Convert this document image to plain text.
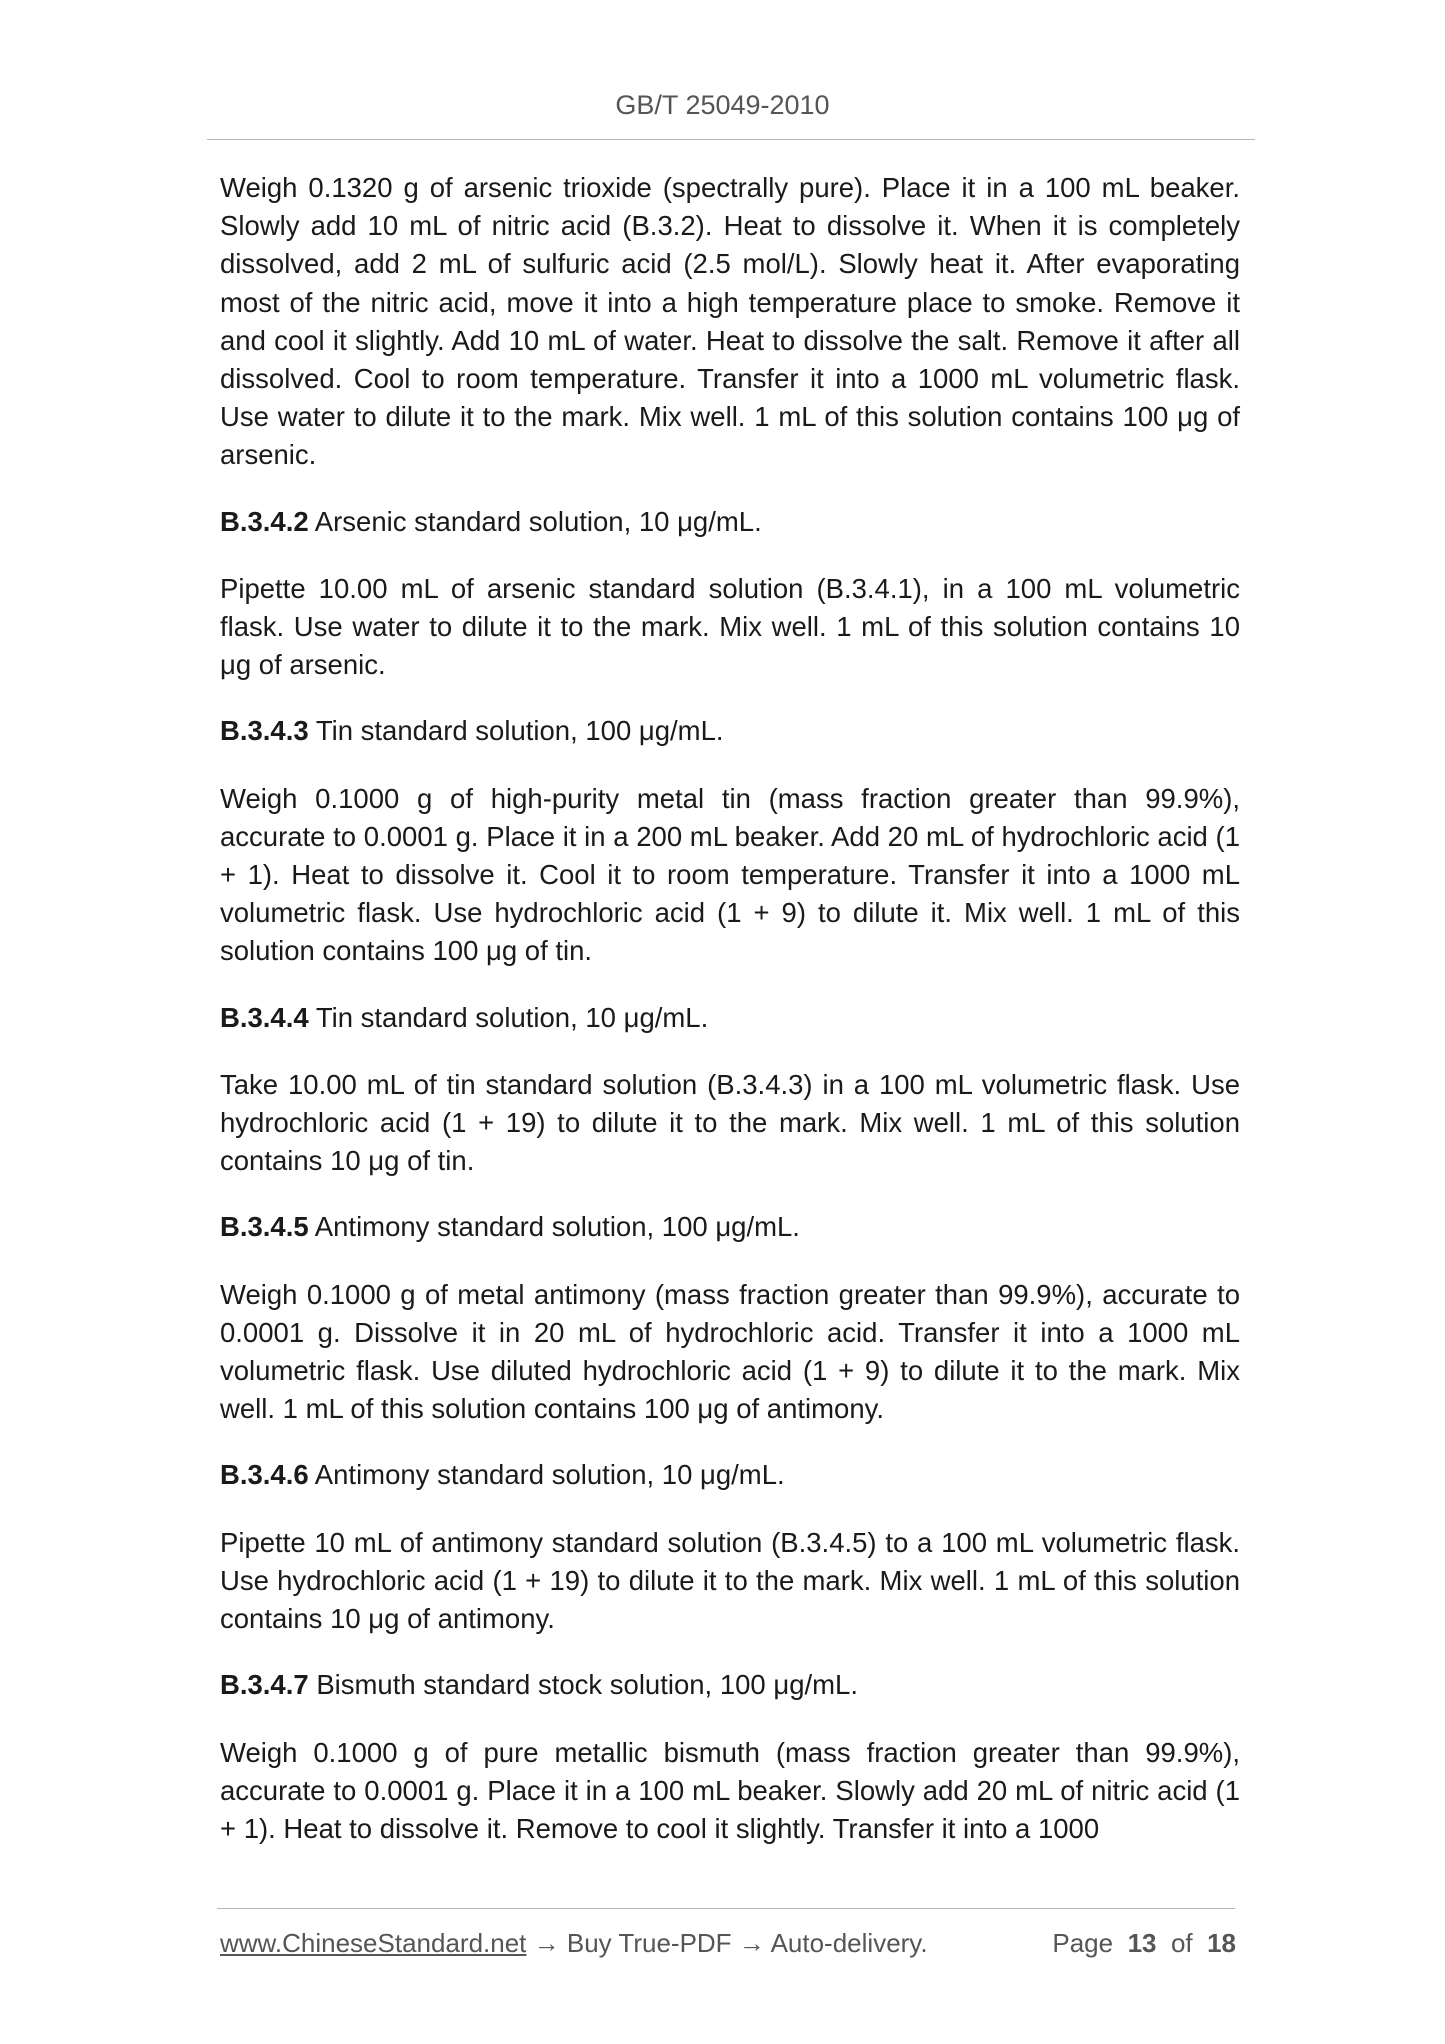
GB/T 25049-2010

Weigh 0.1320 g of arsenic trioxide (spectrally pure). Place it in a 100 mL beaker. Slowly add 10 mL of nitric acid (B.3.2). Heat to dissolve it. When it is completely dissolved, add 2 mL of sulfuric acid (2.5 mol/L). Slowly heat it. After evaporating most of the nitric acid, move it into a high temperature place to smoke. Remove it and cool it slightly. Add 10 mL of water. Heat to dissolve the salt. Remove it after all dissolved. Cool to room temperature. Transfer it into a 1000 mL volumetric flask. Use water to dilute it to the mark. Mix well. 1 mL of this solution contains 100 μg of arsenic.

B.3.4.2 Arsenic standard solution, 10 μg/mL.

Pipette 10.00 mL of arsenic standard solution (B.3.4.1), in a 100 mL volumetric flask. Use water to dilute it to the mark. Mix well. 1 mL of this solution contains 10 μg of arsenic.

B.3.4.3 Tin standard solution, 100 μg/mL.

Weigh 0.1000 g of high-purity metal tin (mass fraction greater than 99.9%), accurate to 0.0001 g. Place it in a 200 mL beaker. Add 20 mL of hydrochloric acid (1 + 1). Heat to dissolve it. Cool it to room temperature. Transfer it into a 1000 mL volumetric flask. Use hydrochloric acid (1 + 9) to dilute it. Mix well. 1 mL of this solution contains 100 μg of tin.

B.3.4.4 Tin standard solution, 10 μg/mL.

Take 10.00 mL of tin standard solution (B.3.4.3) in a 100 mL volumetric flask. Use hydrochloric acid (1 + 19) to dilute it to the mark. Mix well. 1 mL of this solution contains 10 μg of tin.

B.3.4.5 Antimony standard solution, 100 μg/mL.

Weigh 0.1000 g of metal antimony (mass fraction greater than 99.9%), accurate to 0.0001 g. Dissolve it in 20 mL of hydrochloric acid. Transfer it into a 1000 mL volumetric flask. Use diluted hydrochloric acid (1 + 9) to dilute it to the mark. Mix well. 1 mL of this solution contains 100 μg of antimony.

B.3.4.6 Antimony standard solution, 10 μg/mL.

Pipette 10 mL of antimony standard solution (B.3.4.5) to a 100 mL volumetric flask. Use hydrochloric acid (1 + 19) to dilute it to the mark. Mix well. 1 mL of this solution contains 10 μg of antimony.

B.3.4.7 Bismuth standard stock solution, 100 μg/mL.

Weigh 0.1000 g of pure metallic bismuth (mass fraction greater than 99.9%), accurate to 0.0001 g. Place it in a 100 mL beaker. Slowly add 20 mL of nitric acid (1 + 1). Heat to dissolve it. Remove to cool it slightly. Transfer it into a 1000

www.ChineseStandard.net → Buy True-PDF → Auto-delivery.	Page 13 of 18
